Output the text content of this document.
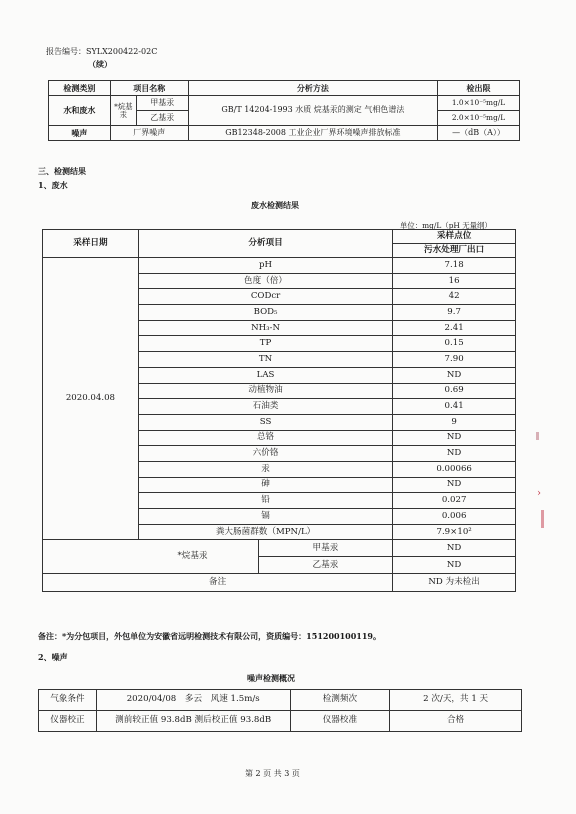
报告编号：SYLX200422-02C
（续）
检测类别	项目名称		分析方法	检出限
水和废水	*烷基汞	甲基汞	GB/T 14204-1993 水质 烷基汞的测定 气相色谱法	1.0×10⁻⁵mg/L
		乙基汞		2.0×10⁻⁵mg/L
噪声	厂界噪声		GB12348-2008 工业企业厂界环境噪声排放标准	—（dB（A））
三、检测结果
1、废水
废水检测结果
单位：mg/L（pH 无量纲）
采样日期	分析项目		采样点位
			污水处理厂出口
2020.04.08	pH		7.18
	色度（倍）		16
	CODcr		42
	BOD₅		9.7
	NH₃-N		2.41
	TP		0.15
	TN		7.90
	LAS		ND
	动植物油		0.69
	石油类		0.41
	SS		9
	总铬		ND
	六价铬		ND
	汞		0.00066
	砷		ND
	铅		0.027
	镉		0.006
	粪大肠菌群数（MPN/L）		7.9×10²
*烷基汞		甲基汞	ND
		乙基汞	ND
备注			ND 为未检出
备注：*为分包项目，外包单位为安徽省远明检测技术有限公司，资质编号：151200100119。
2、噪声
噪声检测概况
气象条件	2020/04/08　多云　风速 1.5m/s	检测频次	2 次/天，共 1 天
仪器校正	测前较正值 93.8dB 测后校正值 93.8dB	仪器校准	合格
第 2 页 共 3 页
›
